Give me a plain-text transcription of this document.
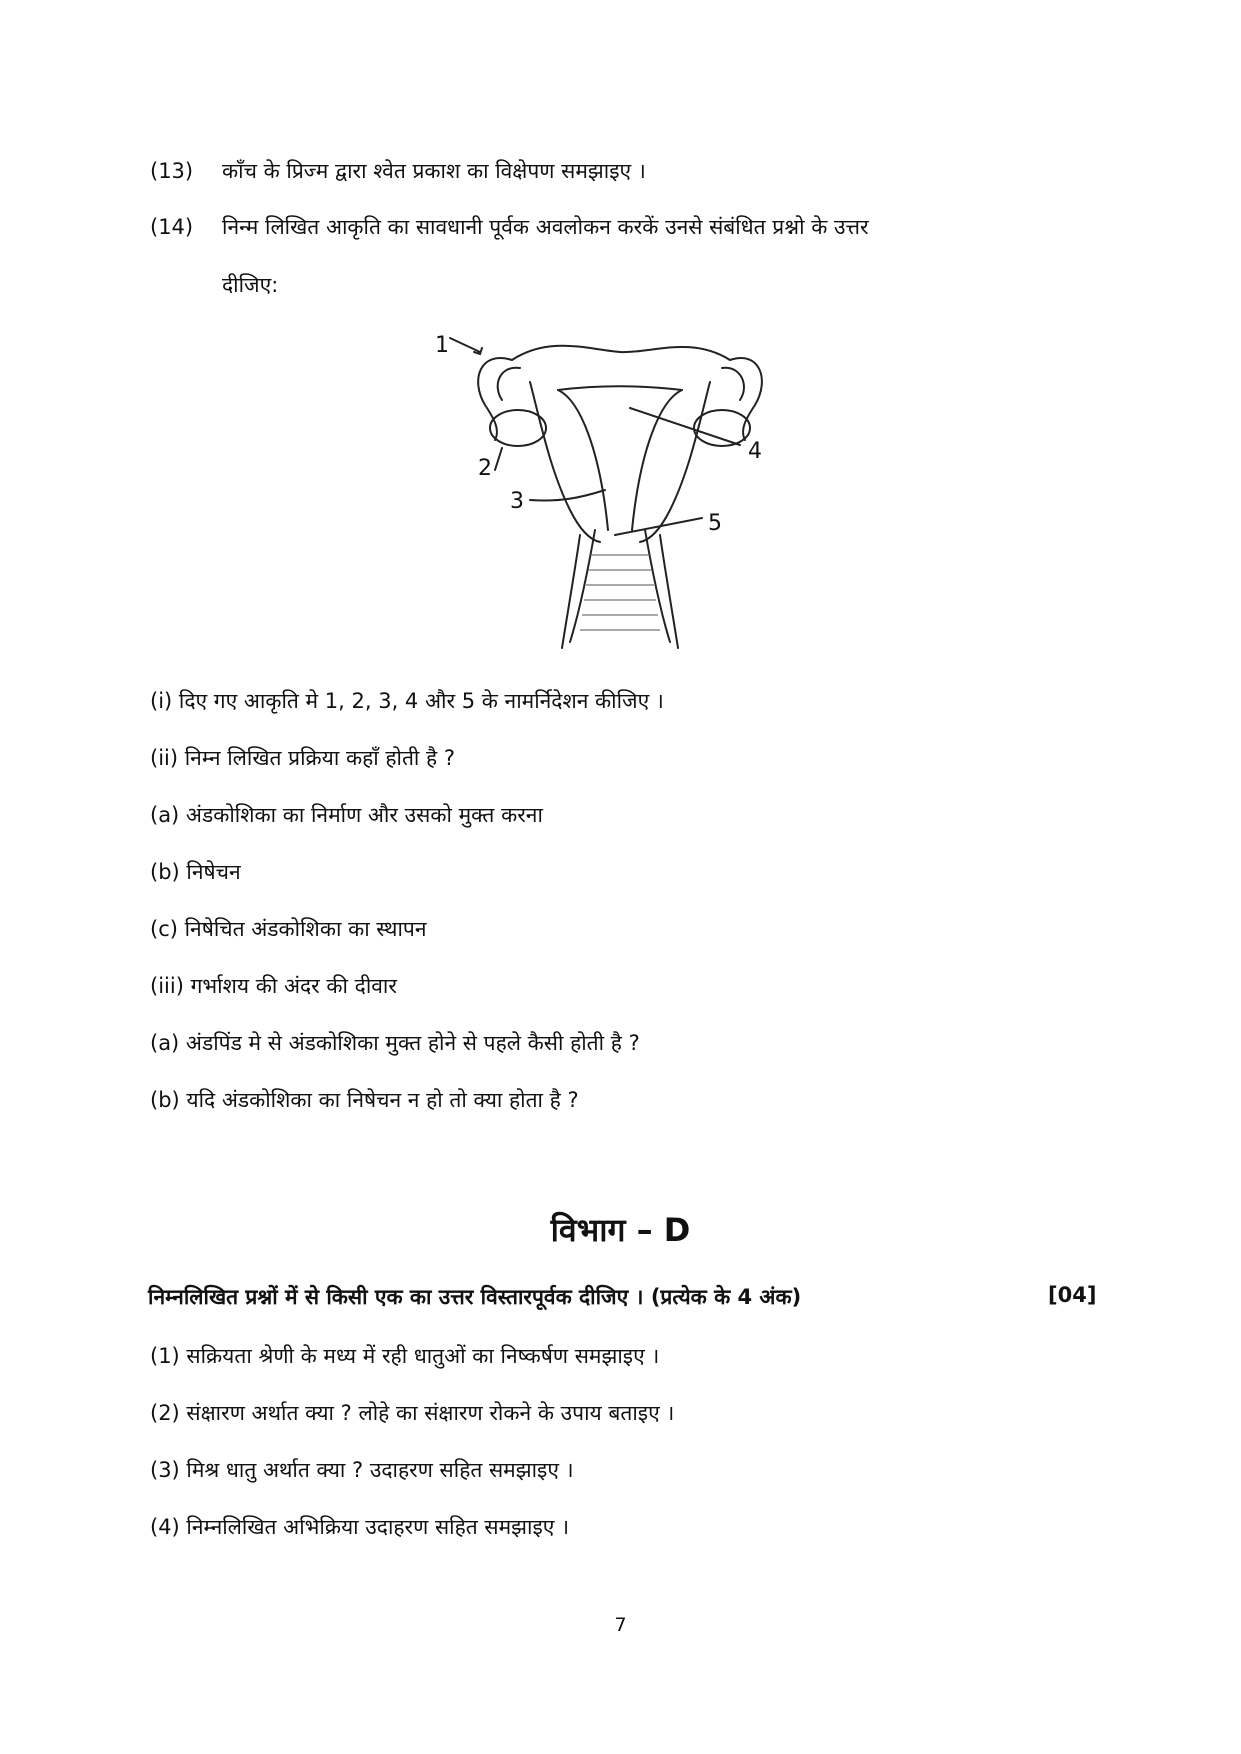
(13) काँच के प्रिज्म द्वारा श्वेत प्रकाश का विक्षेपण समझाइए ।
(14) निन्म लिखित आकृति का सावधानी पूर्वक अवलोकन करकें उनसे संबंधित प्रश्नो के उत्तर
दीजिए:
1
2
4
3
5
(i) दिए गए आकृति मे 1, 2, 3, 4 और 5 के नामर्निदेशन कीजिए ।
(ii) निम्न लिखित प्रक्रिया कहाँ होती है ?
(a) अंडकोशिका का निर्माण और उसको मुक्त करना
(b) निषेचन
(c) निषेचित अंडकोशिका का स्थापन
(iii) गर्भाशय की अंदर की दीवार
(a) अंडपिंड मे से अंडकोशिका मुक्त होने से पहले कैसी होती है ?
(b) यदि अंडकोशिका का निषेचन न हो तो क्या होता है ?
विभाग – D
निम्नलिखित प्रश्नों में से किसी एक का उत्तर विस्तारपूर्वक दीजिए । (प्रत्येक के 4 अंक)	[04]
(1) सक्रियता श्रेणी के मध्य में रही धातुओं का निष्कर्षण समझाइए ।
(2) संक्षारण अर्थात क्या ? लोहे का संक्षारण रोकने के उपाय बताइए ।
(3) मिश्र धातु अर्थात क्या ? उदाहरण सहित समझाइए ।
(4) निम्नलिखित अभिक्रिया उदाहरण सहित समझाइए ।
7
